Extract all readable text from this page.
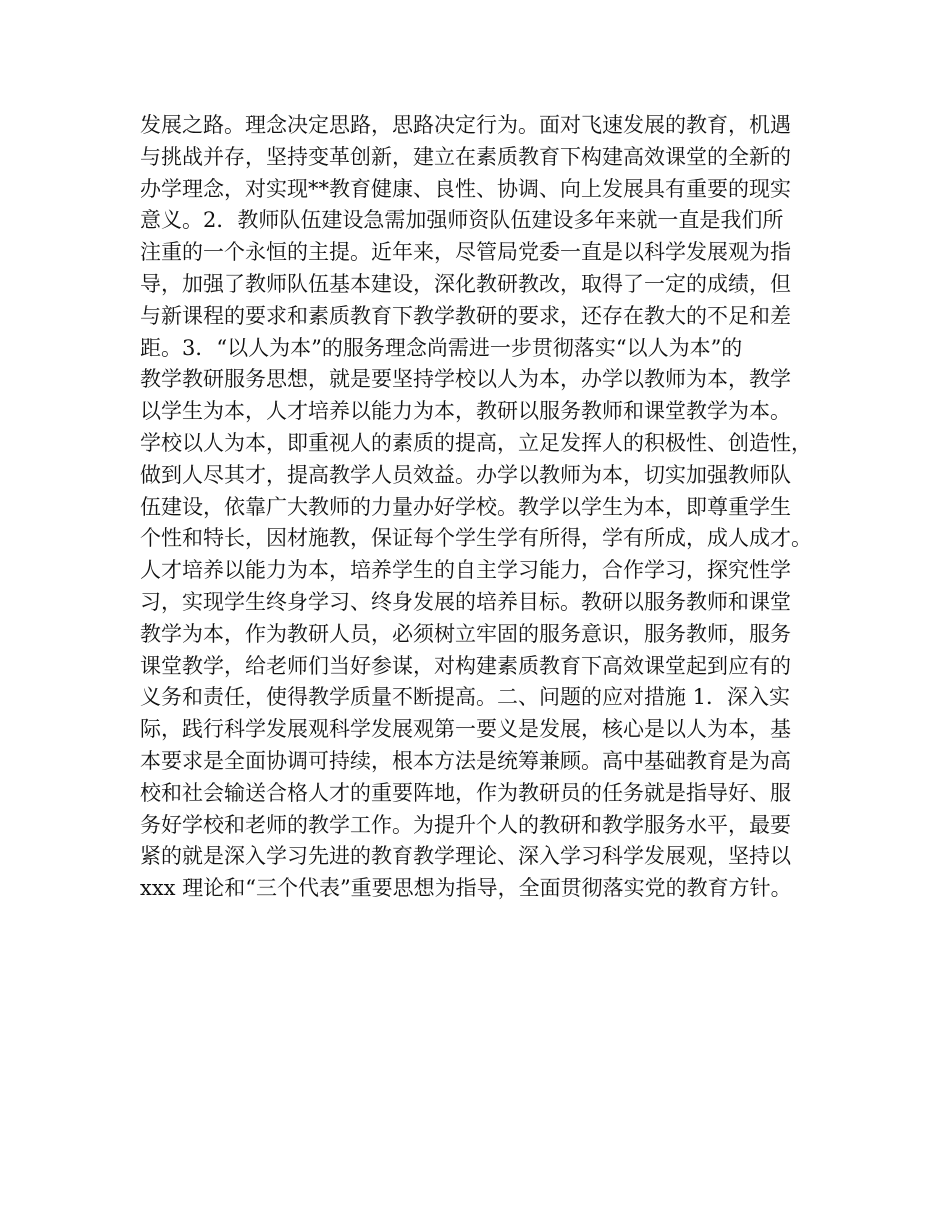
发展之路。理念决定思路，思路决定行为。面对飞速发展的教育，机遇
与挑战并存，坚持变革创新，建立在素质教育下构建高效课堂的全新的
办学理念，对实现**教育健康、良性、协调、向上发展具有重要的现实
意义。2．教师队伍建设急需加强师资队伍建设多年来就一直是我们所
注重的一个永恒的主提。近年来，尽管局党委一直是以科学发展观为指
导，加强了教师队伍基本建设，深化教研教改，取得了一定的成绩，但
与新课程的要求和素质教育下教学教研的要求，还存在教大的不足和差
距。3．“以人为本”的服务理念尚需进一步贯彻落实“以人为本”的
教学教研服务思想，就是要坚持学校以人为本，办学以教师为本，教学
以学生为本，人才培养以能力为本，教研以服务教师和课堂教学为本。
学校以人为本，即重视人的素质的提高，立足发挥人的积极性、创造性，
做到人尽其才，提高教学人员效益。办学以教师为本，切实加强教师队
伍建设，依靠广大教师的力量办好学校。教学以学生为本，即尊重学生
个性和特长，因材施教，保证每个学生学有所得，学有所成，成人成才。
人才培养以能力为本，培养学生的自主学习能力，合作学习，探究性学
习，实现学生终身学习、终身发展的培养目标。教研以服务教师和课堂
教学为本，作为教研人员，必须树立牢固的服务意识，服务教师，服务
课堂教学，给老师们当好参谋，对构建素质教育下高效课堂起到应有的
义务和责任，使得教学质量不断提高。二、问题的应对措施 1．深入实
际，践行科学发展观科学发展观第一要义是发展，核心是以人为本，基
本要求是全面协调可持续，根本方法是统筹兼顾。高中基础教育是为高
校和社会输送合格人才的重要阵地，作为教研员的任务就是指导好、服
务好学校和老师的教学工作。为提升个人的教研和教学服务水平，最要
紧的就是深入学习先进的教育教学理论、深入学习科学发展观，坚持以
xxx 理论和“三个代表”重要思想为指导，全面贯彻落实党的教育方针。
